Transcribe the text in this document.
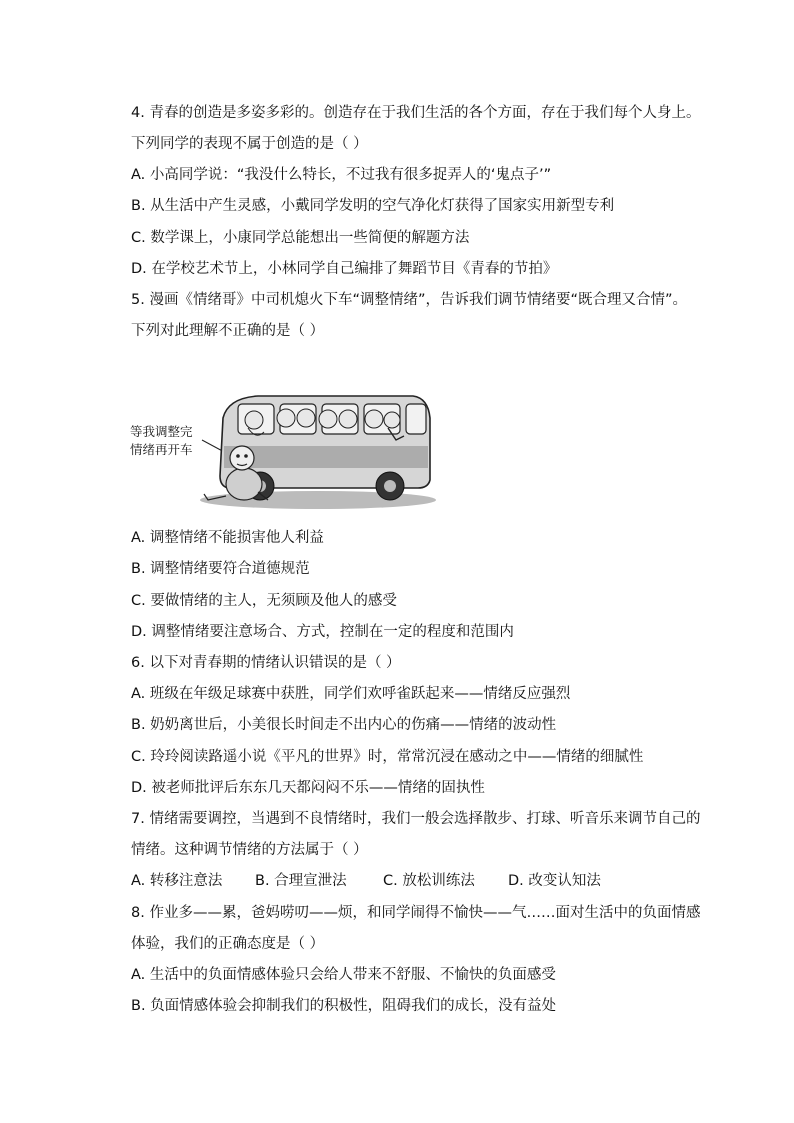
4. 青春的创造是多姿多彩的。创造存在于我们生活的各个方面，存在于我们每个人身上。
下列同学的表现不属于创造的是（ ）
A. 小高同学说：“我没什么特长，不过我有很多捉弄人的‘鬼点子’”
B. 从生活中产生灵感，小戴同学发明的空气净化灯获得了国家实用新型专利
C. 数学课上，小康同学总能想出一些简便的解题方法
D. 在学校艺术节上，小林同学自己编排了舞蹈节目《青春的节拍》
5. 漫画《情绪哥》中司机熄火下车“调整情绪”，告诉我们调节情绪要“既合理又合情”。
下列对此理解不正确的是（ ）
等我调整完
情绪再开车
A. 调整情绪不能损害他人利益
B. 调整情绪要符合道德规范
C. 要做情绪的主人，无须顾及他人的感受
D. 调整情绪要注意场合、方式，控制在一定的程度和范围内
6. 以下对青春期的情绪认识错误的是（ ）
A. 班级在年级足球赛中获胜，同学们欢呼雀跃起来——情绪反应强烈
B. 奶奶离世后，小美很长时间走不出内心的伤痛——情绪的波动性
C. 玲玲阅读路遥小说《平凡的世界》时，常常沉浸在感动之中——情绪的细腻性
D. 被老师批评后东东几天都闷闷不乐——情绪的固执性
7. 情绪需要调控，当遇到不良情绪时，我们一般会选择散步、打球、听音乐来调节自己的
情绪。这种调节情绪的方法属于（ ）
A. 转移注意法 B. 合理宣泄法	C. 放松训练法 D. 改变认知法
8. 作业多——累，爸妈唠叨——烦，和同学闹得不愉快——气……面对生活中的负面情感
体验，我们的正确态度是（ ）
A. 生活中的负面情感体验只会给人带来不舒服、不愉快的负面感受
B. 负面情感体验会抑制我们的积极性，阻碍我们的成长，没有益处
